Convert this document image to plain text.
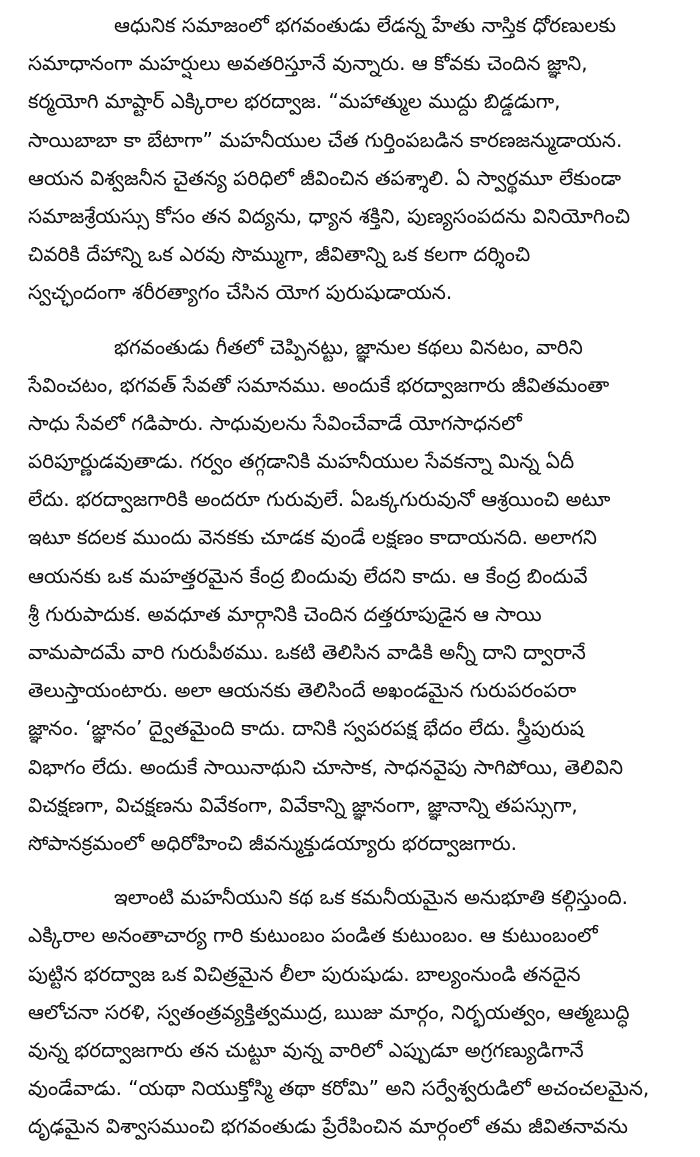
ఆధునిక సమాజంలో భగవంతుడు లేడన్న హేతు నాస్తిక ధోరణులకు
సమాధానంగా మహర్షులు అవతరిస్తూనే వున్నారు. ఆ కోవకు చెందిన జ్ఞాని,
కర్మయోగి మాష్టార్ ఎక్కిరాల భరద్వాజ. “మహాత్ముల ముద్దు బిడ్డడుగా,
సాయిబాబా కా బేటాగా” మహనీయుల చేత గుర్తింపబడిన కారణజన్ముడాయన.
ఆయన విశ్వజనీన చైతన్య పరిధిలో జీవించిన తపశ్శాలి. ఏ స్వార్థమూ లేకుండా
సమాజశ్రేయస్సు కోసం తన విద్యను, ధ్యాన శక్తిని, పుణ్యసంపదను వినియోగించి
చివరికి దేహాన్ని ఒక ఎరవు సొమ్ముగా, జీవితాన్ని ఒక కలగా దర్శించి
స్వచ్ఛందంగా శరీరత్యాగం చేసిన యోగ పురుషుడాయన.
భగవంతుడు గీతలో చెప్పినట్టు, జ్ఞానుల కథలు వినటం, వారిని
సేవించటం, భగవత్ సేవతో సమానము. అందుకే భరద్వాజగారు జీవితమంతా
సాధు సేవలో గడిపారు. సాధువులను సేవించేవాడే యోగసాధనలో
పరిపూర్ణుడవుతాడు. గర్వం తగ్గడానికి మహనీయుల సేవకన్నా మిన్న ఏదీ
లేదు. భరద్వాజగారికి అందరూ గురువులే. ఏఒక్కగురువునో ఆశ్రయించి అటూ
ఇటూ కదలక ముందు వెనకకు చూడక వుండే లక్షణం కాదాయనది. అలాగని
ఆయనకు ఒక మహత్తరమైన కేంద్ర బిందువు లేదని కాదు. ఆ కేంద్ర బిందువే
శ్రీ గురుపాదుక. అవధూత మార్గానికి చెందిన దత్తరూపుడైన ఆ సాయి
వామపాదమే వారి గురుపీఠము. ఒకటి తెలిసిన వాడికి అన్నీ దాని ద్వారానే
తెలుస్తాయంటారు. అలా ఆయనకు తెలిసిందే అఖండమైన గురుపరంపరా
జ్ఞానం. ‘జ్ఞానం’ ద్వైతమైంది కాదు. దానికి స్వపరపక్ష భేదం లేదు. స్త్రీపురుష
విభాగం లేదు. అందుకే సాయినాథుని చూసాక, సాధనవైపు సాగిపోయి, తెలివిని
విచక్షణగా, విచక్షణను వివేకంగా, వివేకాన్ని జ్ఞానంగా, జ్ఞానాన్ని తపస్సుగా,
సోపానక్రమంలో అధిరోహించి జీవన్ముక్తుడయ్యారు భరద్వాజగారు.
ఇలాంటి మహనీయుని కథ ఒక కమనీయమైన అనుభూతి కల్గిస్తుంది.
ఎక్కిరాల అనంతాచార్య గారి కుటుంబం పండిత కుటుంబం. ఆ కుటుంబంలో
పుట్టిన భరద్వాజ ఒక విచిత్రమైన లీలా పురుషుడు. బాల్యంనుండి తనదైన
ఆలోచనా సరళి, స్వతంత్రవ్యక్తిత్వముద్ర, ఋజు మార్గం, నిర్భయత్వం, ఆత్మబుద్ధి
వున్న భరద్వాజగారు తన చుట్టూ వున్న వారిలో ఎప్పుడూ అగ్రగణ్యుడిగానే
వుండేవాడు. “యథా నియుక్తోస్మి తథా కరోమి” అని సర్వేశ్వరుడిలో అచంచలమైన,
దృఢమైన విశ్వాసముంచి భగవంతుడు ప్రేరేపించిన మార్గంలో తమ జీవితనావను
